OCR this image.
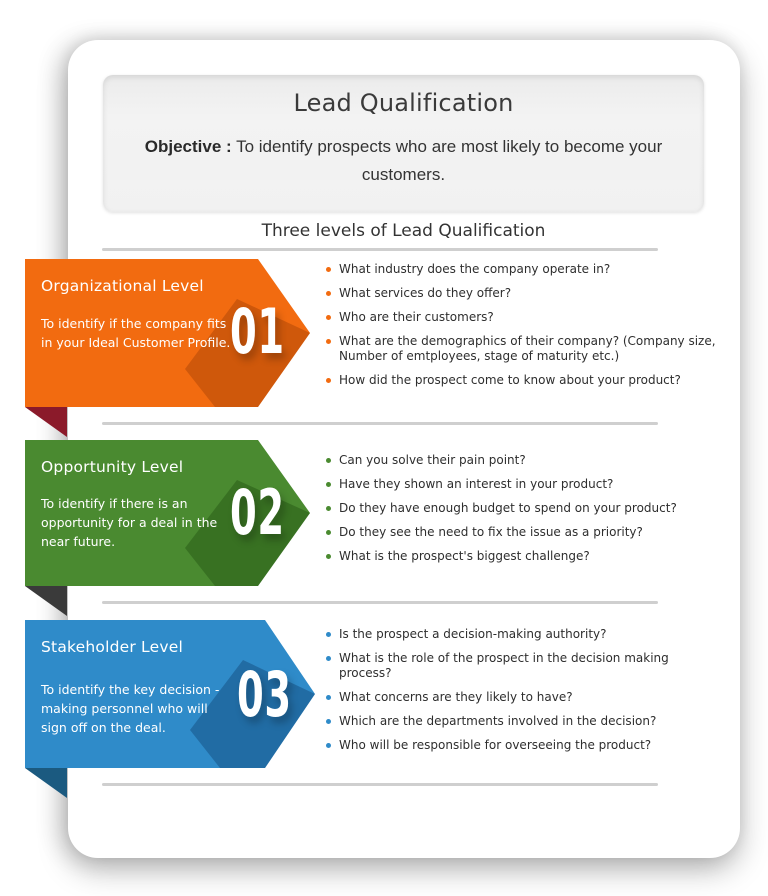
Lead Qualification
Objective : To identify prospects who are most likely to become your customers.
Three levels of Lead Qualification
Organizational Level
To identify if the company fits in your Ideal Customer Profile. 01
What industry does the company operate in?
What services do they offer?
Who are their customers?
What are the demographics of their company? (Company size, Number of emtployees, stage of maturity etc.)
How did the prospect come to know about your product?
Opportunity Level
To identify if there is an opportunity for a deal in the near future.	02
Can you solve their pain point?
Have they shown an interest in your product?
Do they have enough budget to spend on your product?
Do they see the need to fix the issue as a priority?
What is the prospect's biggest challenge?
Stakeholder Level
To identify the key decision -making personnel who will sign off on the deal.	03
Is the prospect a decision-making authority?
What is the role of the prospect in the decision making process?
What concerns are they likely to have?
Which are the departments involved in the decision?
Who will be responsible for overseeing the product?
